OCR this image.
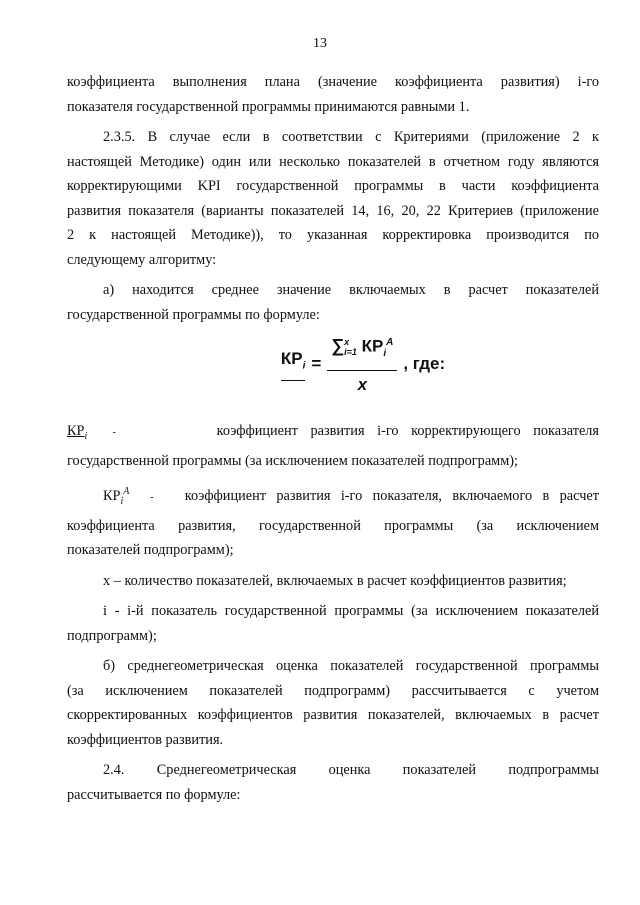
13

коэффициента выполнения плана (значение коэффициента развития) i-го

показателя государственной программы принимаются равными 1.

2.3.5. В случае если в соответствии с Критериями (приложение 2 к

настоящей Методике) один или несколько показателей в отчетном году являются

корректирующими KPI государственной программы в части коэффициента

развития показателя (варианты показателей 14, 16, 20, 22 Критериев (приложение

2 к настоящей Методике)), то указанная корректировка производится по

следующему алгоритму:

а) находится среднее значение включаемых в расчет показателей

государственной программы по формуле:

$КР_i$ = ∑ x
i=1 $КР_i^A$
x , где:

$КР_i$	-	коэффициент развития i-го корректирующего показателя

государственной программы (за исключением показателей подпрограмм);

$КР_i^A$  - коэффициент развития i-го показателя, включаемого в расчет

коэффициента развития, государственной программы (за исключением

показателей подпрограмм);

x – количество показателей, включаемых в расчет коэффициентов развития;

i - i-й показатель государственной программы (за исключением показателей

подпрограмм);

б) среднегеометрическая оценка показателей государственной программы

(за исключением показателей подпрограмм) рассчитывается с учетом

скорректированных коэффициентов развития показателей, включаемых в расчет

коэффициентов развития.

2.4. Среднегеометрическая оценка показателей подпрограммы

рассчитывается по формуле:
